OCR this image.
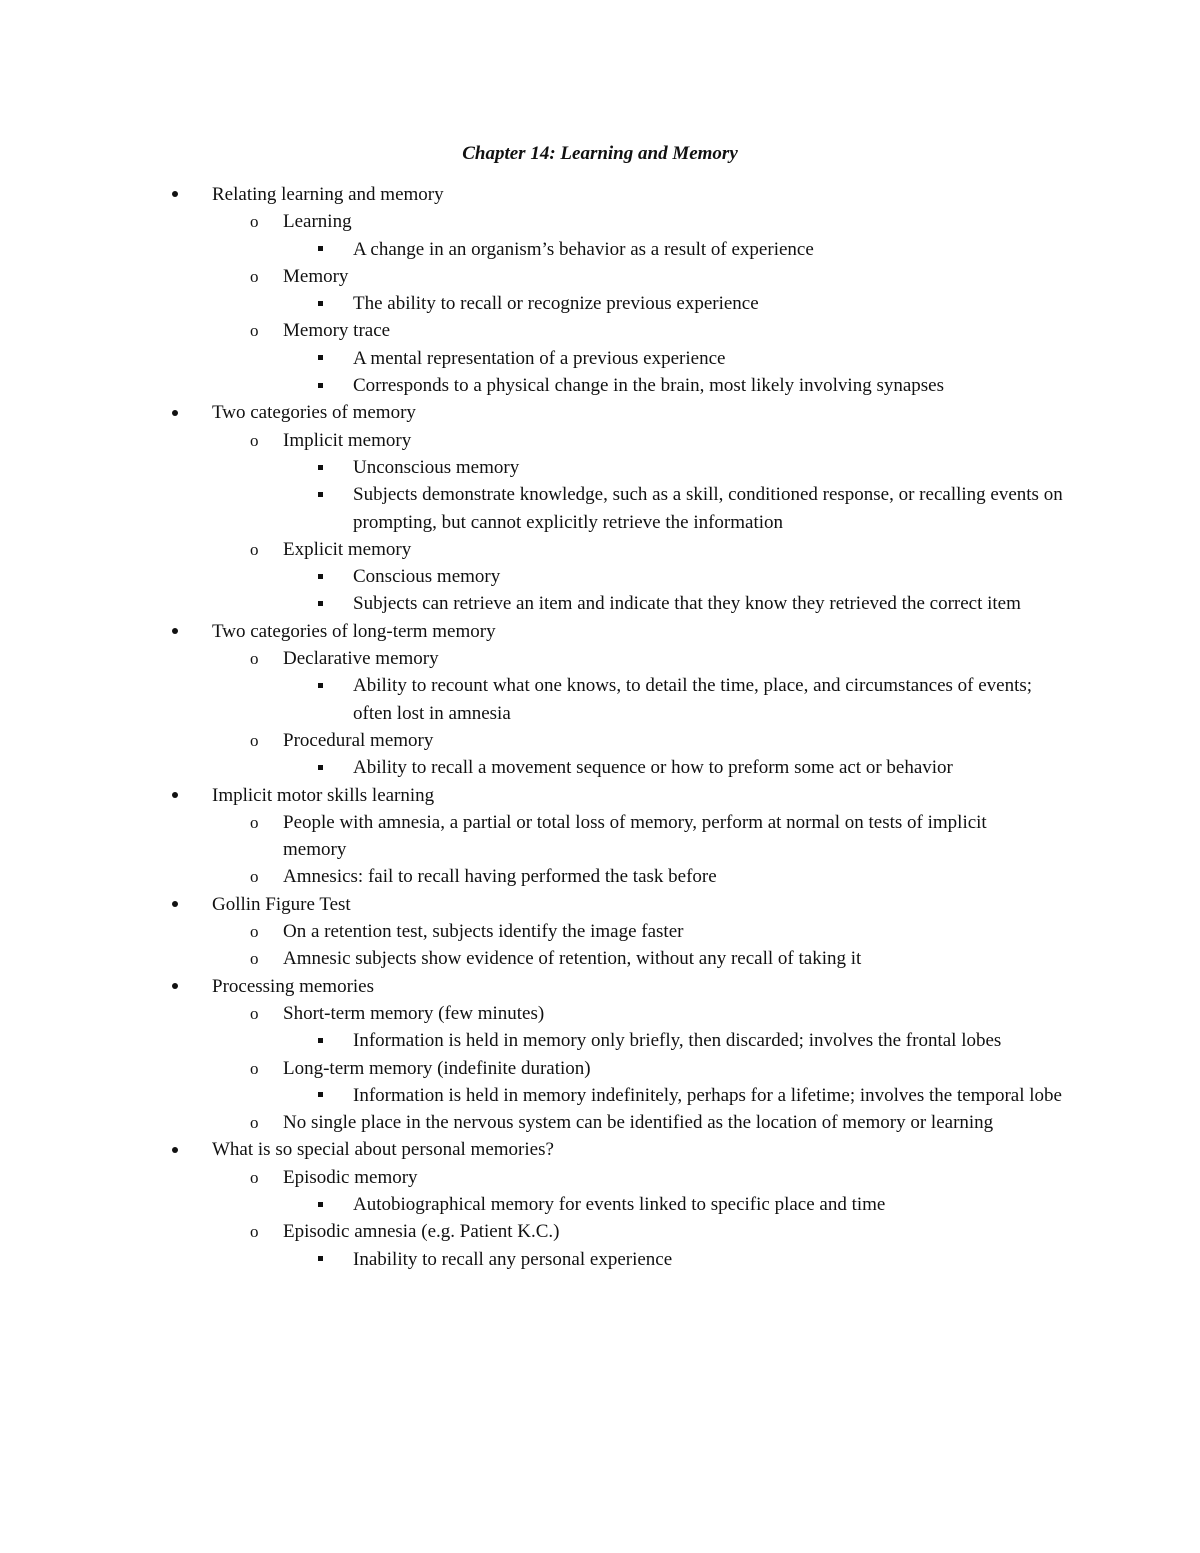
Chapter 14: Learning and Memory
Relating learning and memory
o Learning
A change in an organism’s behavior as a result of experience
o Memory
The ability to recall or recognize previous experience
o Memory trace
A mental representation of a previous experience
Corresponds to a physical change in the brain, most likely involving synapses
Two categories of memory
o Implicit memory
Unconscious memory
Subjects demonstrate knowledge, such as a skill, conditioned response, or recalling events on prompting, but cannot explicitly retrieve the information
o Explicit memory
Conscious memory
Subjects can retrieve an item and indicate that they know they retrieved the correct item
Two categories of long-term memory
o Declarative memory
Ability to recount what one knows, to detail the time, place, and circumstances of events; often lost in amnesia
o Procedural memory
Ability to recall a movement sequence or how to preform some act or behavior
Implicit motor skills learning
o People with amnesia, a partial or total loss of memory, perform at normal on tests of implicit memory
o Amnesics: fail to recall having performed the task before
Gollin Figure Test
o On a retention test, subjects identify the image faster
o Amnesic subjects show evidence of retention, without any recall of taking it
Processing memories
o Short-term memory (few minutes)
Information is held in memory only briefly, then discarded; involves the frontal lobes
o Long-term memory (indefinite duration)
Information is held in memory indefinitely, perhaps for a lifetime; involves the temporal lobe
o No single place in the nervous system can be identified as the location of memory or learning
What is so special about personal memories?
o Episodic memory
Autobiographical memory for events linked to specific place and time
o Episodic amnesia (e.g. Patient K.C.)
Inability to recall any personal experience
